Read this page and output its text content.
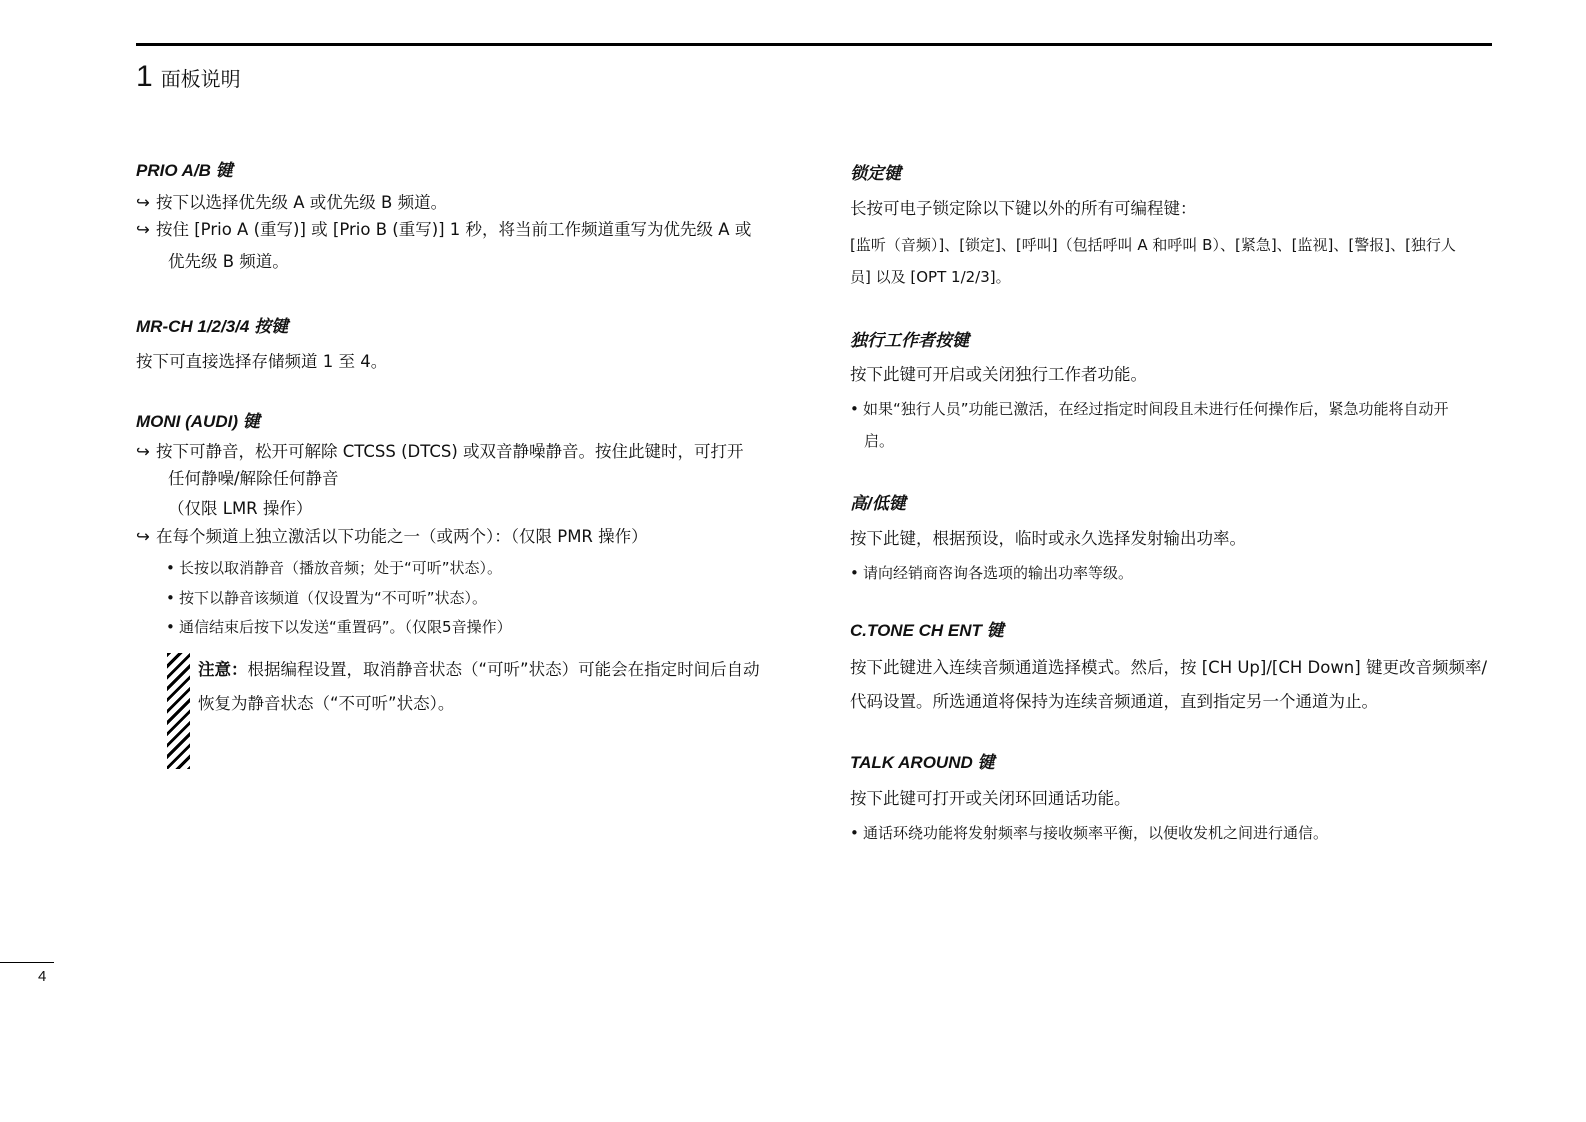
1 面板说明
PRIO A/B 键

↪ 按下以选择优先级 A 或优先级 B 频道。

↪ 按住 [Prio A (重写)] 或 [Prio B (重写)] 1 秒，将当前工作频道重写为优先级 A 或

优先级 B 频道。

MR-CH 1/2/3/4 按键

按下可直接选择存储频道 1 至 4。

MONI (AUDI) 键

↪ 按下可静音，松开可解除 CTCSS (DTCS) 或双音静噪静音。按住此键时，可打开

任何静噪/解除任何静音

（仅限 LMR 操作）

↪ 在每个频道上独立激活以下功能之一（或两个）：（仅限 PMR 操作）

• 长按以取消静音（播放音频；处于“可听”状态）。

• 按下以静音该频道（仅设置为“不可听”状态）。

• 通信结束后按下以发送“重置码”。（仅限5音操作）

注意：根据编程设置，取消静音状态（“可听”状态）可能会在指定时间后自动

恢复为静音状态（“不可听”状态）。

锁定键

长按可电子锁定除以下键以外的所有可编程键：

[监听（音频）]、[锁定]、[呼叫]（包括呼叫 A 和呼叫 B）、[紧急]、[监视]、[警报]、[独行人

员] 以及 [OPT 1/2/3]。

独行工作者按键

按下此键可开启或关闭独行工作者功能。

• 如果“独行人员”功能已激活，在经过指定时间段且未进行任何操作后，紧急功能将自动开

启。

高/低键

按下此键，根据预设，临时或永久选择发射输出功率。

• 请向经销商咨询各选项的输出功率等级。

C.TONE CH ENT 键

按下此键进入连续音频通道选择模式。然后，按 [CH Up]/[CH Down] 键更改音频频率/

代码设置。所选通道将保持为连续音频通道，直到指定另一个通道为止。

TALK AROUND 键

按下此键可打开或关闭环回通话功能。

• 通话环绕功能将发射频率与接收频率平衡，以便收发机之间进行通信。

4
